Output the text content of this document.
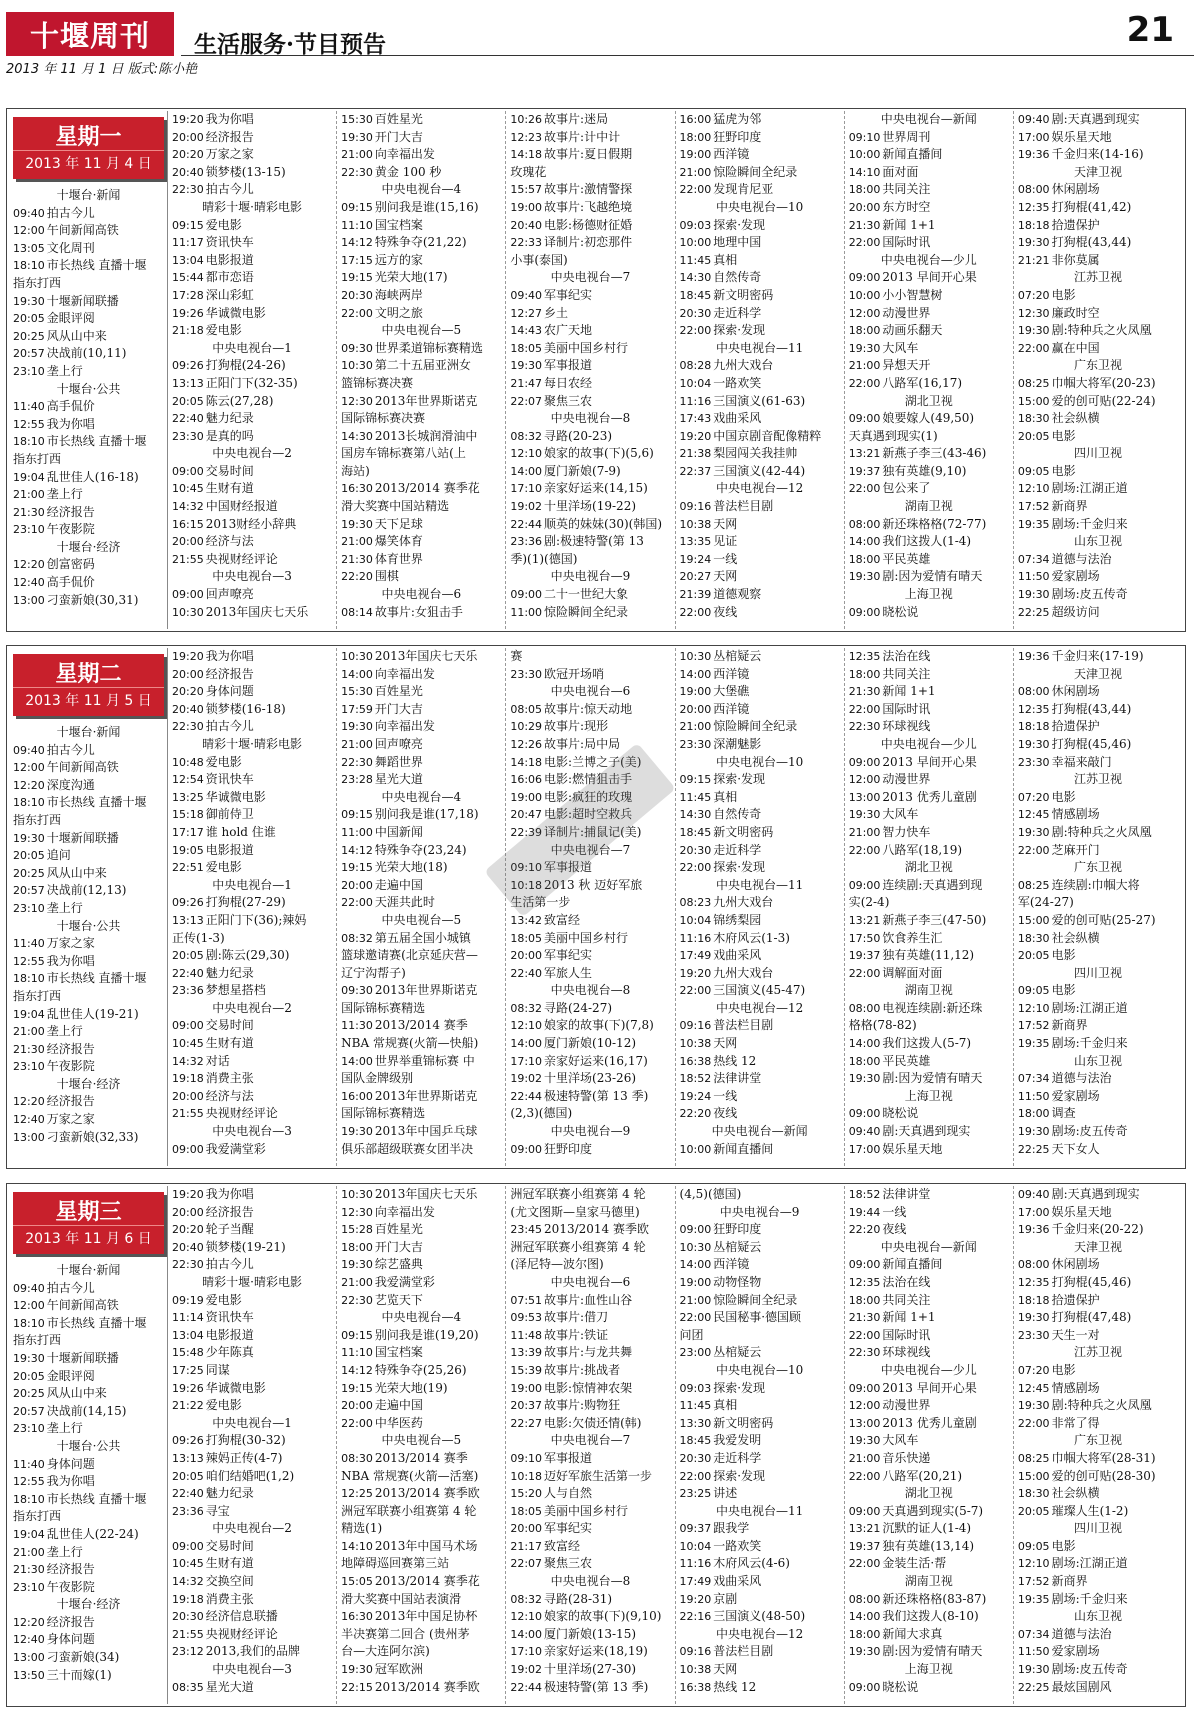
十堰周刊	生活服务·节目预告	21
2013 年 11 月 1 日 版式:陈小艳
星期一
2013 年 11 月 4 日
十堰台·新闻
09:40 拍古今儿
12:00 午间新闻高铁
13:05 文化周刊
18:10 市长热线 直播十堰
指东打西
19:30 十堰新闻联播
20:05 金眼评阅
20:25 风从山中来
20:57 决战前(10,11)
23:10 垄上行
十堰台·公共
11:40 高手侃价
12:55 我为你唱
18:10 市长热线 直播十堰
指东打西
19:04 乱世佳人(16-18)
21:00 垄上行
21:30 经济报告
23:10 午夜影院
十堰台·经济
12:20 创富密码
12:40 高手侃价
13:00 刁蛮新娘(30,31)
19:20 我为你唱
20:00 经济报告
20:20 万家之家
20:40 锁梦楼(13-15)
22:30 拍古今儿
晴彩十堰·晴彩电影
09:15 爱电影
11:17 资讯快车
13:04 电影报道
15:44 都市恋语
17:28 深山彩虹
19:26 华诚微电影
21:18 爱电影
中央电视台—1
09:26 打狗棍(24-26)
13:13 正阳门下(32-35)
20:05 陈云(27,28)
22:40 魅力纪录
23:30 是真的吗
中央电视台—2
09:00 交易时间
10:45 生财有道
14:32 中国财经报道
16:15 2013财经小辞典
20:00 经济与法
21:55 央视财经评论
中央电视台—3
09:00 回声嘹亮
10:30 2013年国庆七天乐
15:30 百姓星光
19:30 开门大吉
21:00 向幸福出发
22:30 黄金 100 秒
中央电视台—4
09:15 别问我是谁(15,16)
11:10 国宝档案
14:12 特殊争夺(21,22)
17:15 远方的家
19:15 光荣大地(17)
20:30 海峡两岸
22:00 文明之旅
中央电视台—5
09:30 世界柔道锦标赛精选
10:30 第二十五届亚洲女
篮锦标赛决赛
12:30 2013年世界斯诺克
国际锦标赛决赛
14:30 2013长城润滑油中
国房车锦标赛第八站(上
海站)
16:30 2013/2014 赛季花
滑大奖赛中国站精选
19:30 天下足球
21:00 爆笑体育
21:30 体育世界
22:20 围棋
中央电视台—6
08:14 故事片:女狙击手
10:26 故事片:迷局
12:23 故事片:计中计
14:18 故事片:夏日假期
玫瑰花
15:57 故事片:激情警探
19:00 故事片:飞越绝境
20:40 电影:杨德财征婚
22:33 译制片:初恋那件
小事(泰国)
中央电视台—7
09:40 军事纪实
12:27 乡土
14:43 农广天地
18:05 美丽中国乡村行
19:30 军事报道
21:47 每日农经
22:07 聚焦三农
中央电视台—8
08:32 寻路(20-23)
12:10 娘家的故事(下)(5,6)
14:00 厦门新娘(7-9)
17:10 亲家好运来(14,15)
19:02 十里洋场(19-22)
22:44 顺英的妹妹(30)(韩国)
23:36 剧:极速特警(第 13
季)(1)(德国)
中央电视台—9
09:00 二十一世纪大象
11:00 惊险瞬间全纪录
16:00 猛虎为邻
18:00 狂野印度
19:00 西洋镜
21:00 惊险瞬间全纪录
22:00 发现肯尼亚
中央电视台—10
09:03 探索·发现
10:00 地理中国
11:45 真相
14:30 自然传奇
18:45 新文明密码
20:30 走近科学
22:00 探索·发现
中央电视台—11
08:28 九州大戏台
10:04 一路欢笑
11:16 三国演义(61-63)
17:43 戏曲采风
19:20 中国京剧音配像精粹
21:38 梨园闯关我挂帅
22:37 三国演义(42-44)
中央电视台—12
09:16 普法栏目剧
10:38 天网
13:35 见证
19:24 一线
20:27 天网
21:39 道德观察
22:00 夜线
中央电视台—新闻
09:10 世界周刊
10:00 新闻直播间
14:10 面对面
18:00 共同关注
20:00 东方时空
21:30 新闻 1+1
22:00 国际时讯
中央电视台—少儿
09:00 2013 早间开心果
10:00 小小智慧树
12:00 动漫世界
18:00 动画乐翻天
19:30 大风车
21:00 异想天开
22:00 八路军(16,17)
湖北卫视
09:00 娘要嫁人(49,50)
天真遇到现实(1)
13:21 新燕子李三(43-46)
19:37 独有英雄(9,10)
22:00 包公来了
湖南卫视
08:00 新还珠格格(72-77)
14:00 我们这拨人(1-4)
18:00 平民英雄
19:30 剧:因为爱情有晴天
上海卫视
09:00 晓松说
09:40 剧:天真遇到现实
17:00 娱乐星天地
19:36 千金归来(14-16)
天津卫视
08:00 休闲剧场
12:35 打狗棍(41,42)
18:18 拾遗保护
19:30 打狗棍(43,44)
21:21 非你莫属
江苏卫视
07:20 电影
12:30 廉政时空
19:30 剧:特种兵之火凤凰
22:00 赢在中国
广东卫视
08:25 巾帼大将军(20-23)
15:00 爱的创可贴(22-24)
18:30 社会纵横
20:05 电影
四川卫视
09:05 电影
12:10 剧场:江湖正道
17:52 新商界
19:35 剧场:千金归来
山东卫视
07:34 道德与法治
11:50 爱家剧场
19:30 剧场:皮五传奇
22:25 超级访问
星期二
2013 年 11 月 5 日
十堰台·新闻
09:40 拍古今儿
12:00 午间新闻高铁
12:20 深度沟通
18:10 市长热线 直播十堰
指东打西
19:30 十堰新闻联播
20:05 追问
20:25 风从山中来
20:57 决战前(12,13)
23:10 垄上行
十堰台·公共
11:40 万家之家
12:55 我为你唱
18:10 市长热线 直播十堰
指东打西
19:04 乱世佳人(19-21)
21:00 垄上行
21:30 经济报告
23:10 午夜影院
十堰台·经济
12:20 经济报告
12:40 万家之家
13:00 刁蛮新娘(32,33)
19:20 我为你唱
20:00 经济报告
20:20 身体问题
20:40 锁梦楼(16-18)
22:30 拍古今儿
晴彩十堰·晴彩电影
10:48 爱电影
12:54 资讯快车
13:25 华诚微电影
15:18 御前侍卫
17:17 谁 hold 住谁
19:05 电影报道
22:51 爱电影
中央电视台—1
09:26 打狗棍(27-29)
13:13 正阳门下(36);辣妈
正传(1-3)
20:05 剧:陈云(29,30)
22:40 魅力纪录
23:36 梦想星搭档
中央电视台—2
09:00 交易时间
10:45 生财有道
14:32 对话
19:18 消费主张
20:00 经济与法
21:55 央视财经评论
中央电视台—3
09:00 我爱满堂彩
10:30 2013年国庆七天乐
14:00 向幸福出发
15:30 百姓星光
17:59 开门大吉
19:30 向幸福出发
21:00 回声嘹亮
22:30 舞蹈世界
23:28 星光大道
中央电视台—4
09:15 别问我是谁(17,18)
11:00 中国新闻
14:12 特殊争夺(23,24)
19:15 光荣大地(18)
20:00 走遍中国
22:00 天涯共此时
中央电视台—5
08:32 第五届全国小城镇
篮球邀请赛(北京延庆营—
辽宁沟帮子)
09:30 2013年世界斯诺克
国际锦标赛精选
11:30 2013/2014 赛季
NBA 常规赛(火箭—快船)
14:00 世界举重锦标赛 中
国队金牌级别
16:00 2013年世界斯诺克
国际锦标赛精选
19:30 2013年中国乒乓球
俱乐部超级联赛女团半决
赛
23:30 欧冠开场哨
中央电视台—6
08:05 故事片:惊天动地
10:29 故事片:现形
12:26 故事片:局中局
14:18 电影:兰博之子(美)
16:06 电影:燃情狙击手
19:00 电影:疯狂的玫瑰
20:47 电影:超时空救兵
22:39 译制片:捕鼠记(美)
中央电视台—7
09:10 军事报道
10:18 2013 秋 迈好军旅
生活第一步
13:42 致富经
18:05 美丽中国乡村行
20:00 军事纪实
22:40 军旅人生
中央电视台—8
08:32 寻路(24-27)
12:10 娘家的故事(下)(7,8)
14:00 厦门新娘(10-12)
17:10 亲家好运来(16,17)
19:02 十里洋场(23-26)
22:44 极速特警(第 13 季)
(2,3)(德国)
中央电视台—9
09:00 狂野印度
10:30 丛棺疑云
14:00 西洋镜
19:00 大堡礁
20:00 西洋镜
21:00 惊险瞬间全纪录
23:30 深潮魅影
中央电视台—10
09:15 探索·发现
11:45 真相
14:30 自然传奇
18:45 新文明密码
20:30 走近科学
22:00 探索·发现
中央电视台—11
08:23 九州大戏台
10:04 锦绣梨园
11:16 木府风云(1-3)
17:49 戏曲采风
19:20 九州大戏台
22:00 三国演义(45-47)
中央电视台—12
09:16 普法栏目剧
10:38 天网
16:38 热线 12
18:52 法律讲堂
19:24 一线
22:20 夜线
中央电视台—新闻
10:00 新闻直播间
12:35 法治在线
18:00 共同关注
21:30 新闻 1+1
22:00 国际时讯
22:30 环球视线
中央电视台—少儿
09:00 2013 早间开心果
12:00 动漫世界
13:00 2013 优秀儿童剧
19:30 大风车
21:00 智力快车
22:00 八路军(18,19)
湖北卫视
09:00 连续剧:天真遇到现
实(2-4)
13:21 新燕子李三(47-50)
17:50 饮食养生汇
19:37 独有英雄(11,12)
22:00 调解面对面
湖南卫视
08:00 电视连续剧:新还珠
格格(78-82)
14:00 我们这拨人(5-7)
18:00 平民英雄
19:30 剧:因为爱情有晴天
上海卫视
09:00 晓松说
09:40 剧:天真遇到现实
17:00 娱乐星天地
19:36 千金归来(17-19)
天津卫视
08:00 休闲剧场
12:35 打狗棍(43,44)
18:18 拾遗保护
19:30 打狗棍(45,46)
23:30 幸福来敲门
江苏卫视
07:20 电影
12:45 情感剧场
19:30 剧:特种兵之火凤凰
22:00 芝麻开门
广东卫视
08:25 连续剧:巾帼大将
军(24-27)
15:00 爱的创可贴(25-27)
18:30 社会纵横
20:05 电影
四川卫视
09:05 电影
12:10 剧场:江湖正道
17:52 新商界
19:35 剧场:千金归来
山东卫视
07:34 道德与法治
11:50 爱家剧场
18:00 调查
19:30 剧场:皮五传奇
22:25 天下女人
星期三
2013 年 11 月 6 日
十堰台·新闻
09:40 拍古今儿
12:00 午间新闻高铁
18:10 市长热线 直播十堰
指东打西
19:30 十堰新闻联播
20:05 金眼评阅
20:25 风从山中来
20:57 决战前(14,15)
23:10 垄上行
十堰台·公共
11:40 身体问题
12:55 我为你唱
18:10 市长热线 直播十堰
指东打西
19:04 乱世佳人(22-24)
21:00 垄上行
21:30 经济报告
23:10 午夜影院
十堰台·经济
12:20 经济报告
12:40 身体问题
13:00 刁蛮新娘(34)
13:50 三十而嫁(1)
19:20 我为你唱
20:00 经济报告
20:20 轮子当醒
20:40 锁梦楼(19-21)
22:30 拍古今儿
晴彩十堰·晴彩电影
09:19 爱电影
11:14 资讯快车
13:04 电影报道
15:48 少年陈真
17:25 同谋
19:26 华诚微电影
21:22 爱电影
中央电视台—1
09:26 打狗棍(30-32)
13:13 辣妈正传(4-7)
20:05 咱们结婚吧(1,2)
22:40 魅力纪录
23:36 寻宝
中央电视台—2
09:00 交易时间
10:45 生财有道
14:32 交换空间
19:18 消费主张
20:30 经济信息联播
21:55 央视财经评论
23:12 2013,我们的品牌
中央电视台—3
08:35 星光大道
10:30 2013年国庆七天乐
12:30 向幸福出发
15:28 百姓星光
18:00 开门大吉
19:30 综艺盛典
21:00 我爱满堂彩
22:30 艺览天下
中央电视台—4
09:15 别问我是谁(19,20)
11:10 国宝档案
14:12 特殊争夺(25,26)
19:15 光荣大地(19)
20:00 走遍中国
22:00 中华医药
中央电视台—5
08:30 2013/2014 赛季
NBA 常规赛(火箭—活塞)
12:25 2013/2014 赛季欧
洲冠军联赛小组赛第 4 轮
精选(1)
14:10 2013年中国马术场
地障碍巡回赛第三站
15:05 2013/2014 赛季花
滑大奖赛中国站表演滑
16:30 2013年中国足协杯
半决赛第二回合 (贵州茅
台—大连阿尔滨)
19:30 冠军欧洲
22:15 2013/2014 赛季欧
洲冠军联赛小组赛第 4 轮
(尤文图斯—皇家马德里)
23:45 2013/2014 赛季欧
洲冠军联赛小组赛第 4 轮
(泽尼特—波尔图)
中央电视台—6
07:51 故事片:血性山谷
09:53 故事片:借刀
11:48 故事片:铁证
13:39 故事片:与龙共舞
15:39 故事片:挑战者
19:00 电影:惊情神农架
20:37 故事片:购物狂
22:27 电影:欠债还情(韩)
中央电视台—7
09:10 军事报道
10:18 迈好军旅生活第一步
15:20 人与自然
18:05 美丽中国乡村行
20:00 军事纪实
21:17 致富经
22:07 聚焦三农
中央电视台—8
08:32 寻路(28-31)
12:10 娘家的故事(下)(9,10)
14:00 厦门新娘(13-15)
17:10 亲家好运来(18,19)
19:02 十里洋场(27-30)
22:44 极速特警(第 13 季)
(4,5)(德国)
中央电视台—9
09:00 狂野印度
10:30 丛棺疑云
14:00 西洋镜
19:00 动物怪物
21:00 惊险瞬间全纪录
22:00 民国秘事·德国顾
问团
23:00 丛棺疑云
中央电视台—10
09:03 探索·发现
11:45 真相
13:30 新文明密码
18:45 我爱发明
20:30 走近科学
22:00 探索·发现
23:25 讲述
中央电视台—11
09:37 跟我学
10:04 一路欢笑
11:16 木府风云(4-6)
17:49 戏曲采风
19:20 京剧
22:16 三国演义(48-50)
中央电视台—12
09:16 普法栏目剧
10:38 天网
16:38 热线 12
18:52 法律讲堂
19:44 一线
22:20 夜线
中央电视台—新闻
09:00 新闻直播间
12:35 法治在线
18:00 共同关注
21:30 新闻 1+1
22:00 国际时讯
22:30 环球视线
中央电视台—少儿
09:00 2013 早间开心果
12:00 动漫世界
13:00 2013 优秀儿童剧
19:30 大风车
21:00 音乐快递
22:00 八路军(20,21)
湖北卫视
09:00 天真遇到现实(5-7)
13:21 沉默的证人(1-4)
19:37 独有英雄(13,14)
22:00 金装生活·帮
湖南卫视
08:00 新还珠格格(83-87)
14:00 我们这拨人(8-10)
18:00 新闻大求真
19:30 剧:因为爱情有晴天
上海卫视
09:00 晓松说
09:40 剧:天真遇到现实
17:00 娱乐星天地
19:36 千金归来(20-22)
天津卫视
08:00 休闲剧场
12:35 打狗棍(45,46)
18:18 拾遗保护
19:30 打狗棍(47,48)
23:30 天生一对
江苏卫视
07:20 电影
12:45 情感剧场
19:30 剧:特种兵之火凤凰
22:00 非常了得
广东卫视
08:25 巾帼大将军(28-31)
15:00 爱的创可贴(28-30)
18:30 社会纵横
20:05 璀璨人生(1-2)
四川卫视
09:05 电影
12:10 剧场:江湖正道
17:52 新商界
19:35 剧场:千金归来
山东卫视
07:34 道德与法治
11:50 爱家剧场
19:30 剧场:皮五传奇
22:25 最炫国剧风
